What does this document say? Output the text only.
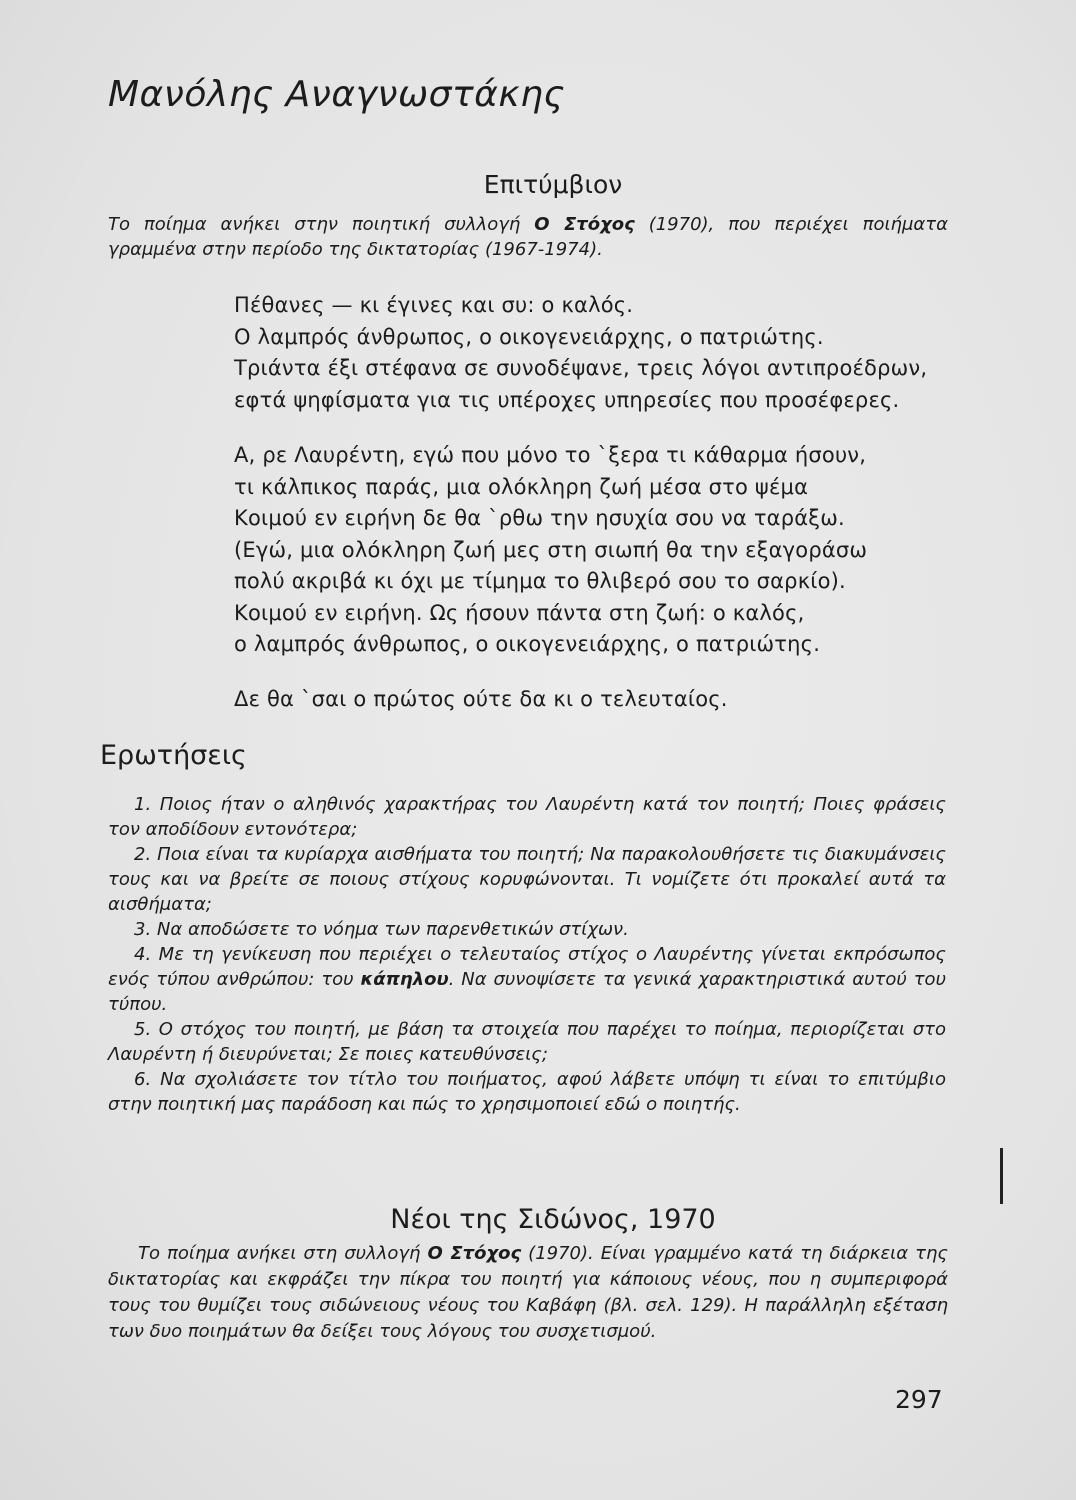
Μανόλης Αναγνωστάκης
Επιτύμβιον
Το ποίημα ανήκει στην ποιητική συλλογή Ο Στόχος (1970), που περιέχει ποιήματα γραμμένα στην περίοδο της δικτατορίας (1967-1974).
Πέθανες — κι έγινες και συ: ο καλός.
Ο λαμπρός άνθρωπος, ο οικογενειάρχης, ο πατριώτης.
Τριάντα έξι στέφανα σε συνοδέψανε, τρεις λόγοι αντιπροέδρων,
εφτά ψηφίσματα για τις υπέροχες υπηρεσίες που προσέφερες.
Α, ρε Λαυρέντη, εγώ που μόνο το `ξερα τι κάθαρμα ήσουν,
τι κάλπικος παράς, μια ολόκληρη ζωή μέσα στο ψέμα
Κοιμού εν ειρήνη δε θα `ρθω την ησυχία σου να ταράξω.
(Εγώ, μια ολόκληρη ζωή μες στη σιωπή θα την εξαγοράσω
πολύ ακριβά κι όχι με τίμημα το θλιβερό σου το σαρκίο).
Κοιμού εν ειρήνη. Ως ήσουν πάντα στη ζωή: ο καλός,
ο λαμπρός άνθρωπος, ο οικογενειάρχης, ο πατριώτης.
Δε θα `σαι ο πρώτος ούτε δα κι ο τελευταίος.
Ερωτήσεις
1. Ποιος ήταν ο αληθινός χαρακτήρας του Λαυρέντη κατά τον ποιητή; Ποιες φράσεις τον αποδίδουν εντονότερα;
2. Ποια είναι τα κυρίαρχα αισθήματα του ποιητή; Να παρακολουθήσετε τις διακυμάνσεις τους και να βρείτε σε ποιους στίχους κορυφώνονται. Τι νομίζετε ότι προκαλεί αυτά τα αισθήματα;
3. Να αποδώσετε το νόημα των παρενθετικών στίχων.
4. Με τη γενίκευση που περιέχει ο τελευταίος στίχος ο Λαυρέντης γίνεται εκπρόσωπος ενός τύπου ανθρώπου: του κάπηλου. Να συνοψίσετε τα γενικά χαρακτηριστικά αυτού του τύπου.
5. Ο στόχος του ποιητή, με βάση τα στοιχεία που παρέχει το ποίημα, περιορίζεται στο Λαυρέντη ή διευρύνεται; Σε ποιες κατευθύνσεις;
6. Να σχολιάσετε τον τίτλο του ποιήματος, αφού λάβετε υπόψη τι είναι το επιτύμβιο στην ποιητική μας παράδοση και πώς το χρησιμοποιεί εδώ ο ποιητής.
Νέοι της Σιδώνος, 1970
Το ποίημα ανήκει στη συλλογή Ο Στόχος (1970). Είναι γραμμένο κατά τη διάρκεια της δικτατορίας και εκφράζει την πίκρα του ποιητή για κάποιους νέους, που η συμπεριφορά τους του θυμίζει τους σιδώνειους νέους του Καβάφη (βλ. σελ. 129). Η παράλληλη εξέταση των δυο ποιημάτων θα δείξει τους λόγους του συσχετισμού.
297
